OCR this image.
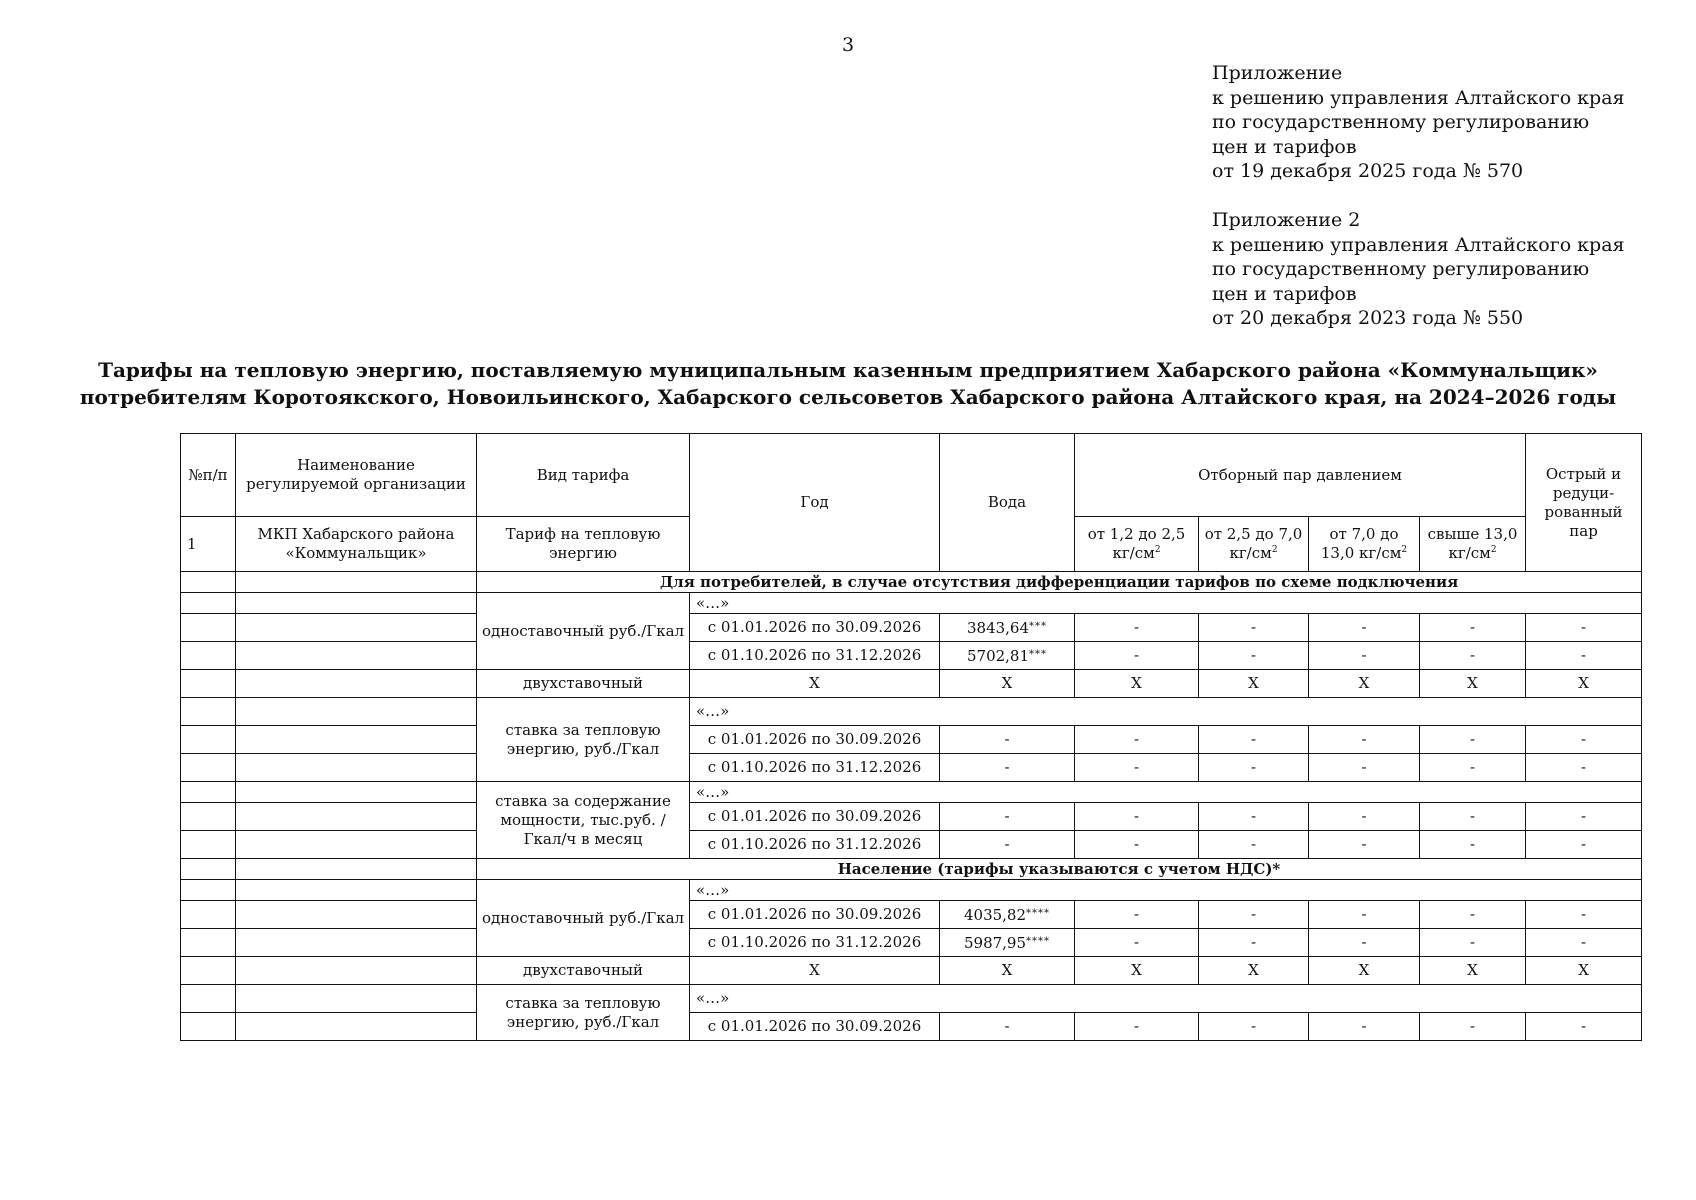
3
Приложение
к решению управления Алтайского края
по государственному регулированию
цен и тарифов
от 19 декабря 2025 года № 570
Приложение 2
к решению управления Алтайского края
по государственному регулированию
цен и тарифов
от 20 декабря 2023 года № 550
Тарифы на тепловую энергию, поставляемую муниципальным казенным предприятием Хабарского района «Коммунальщик»
потребителям Коротоякского, Новоильинского, Хабарского сельсоветов Хабарского района Алтайского края, на 2024–2026 годы
№п/п	Наименование регулируемой организации	Вид тарифа	Год	Вода	Отборный пар давлением				Острый и редуци-рованный пар
1	МКП Хабарского района «Коммунальщик»	Тариф на тепловую энергию			от 1,2 до 2,5 $кг/см^2$	от 2,5 до 7,0 $кг/см^2$	от 7,0 до 13,0 $кг/см^2$	свыше 13,0 $кг/см^2$
		Для потребителей, в случае отсутствия дифференциации тарифов по схеме подключения							
		одноставочный руб./Гкал	«…»						
			с 01.01.2026 по 30.09.2026	3843,64***	-	-	-	-	-
			с 01.10.2026 по 31.12.2026	5702,81***	-	-	-	-	-
		двухставочный	X	X	X	X	X	X	X
		ставка за тепловую энергию, руб./Гкал	«…»						
			с 01.01.2026 по 30.09.2026	-	-	-	-	-	-
			с 01.10.2026 по 31.12.2026	-	-	-	-	-	-
		ставка за содержание мощности, тыс.руб. /Гкал/ч в месяц	«…»						
			с 01.01.2026 по 30.09.2026	-	-	-	-	-	-
			с 01.10.2026 по 31.12.2026	-	-	-	-	-	-
		Население (тарифы указываются с учетом НДС)*							
		одноставочный руб./Гкал	«…»						
			с 01.01.2026 по 30.09.2026	4035,82****	-	-	-	-	-
			с 01.10.2026 по 31.12.2026	5987,95****	-	-	-	-	-
		двухставочный	X	X	X	X	X	X	X
		ставка за тепловую энергию, руб./Гкал	«…»						
			с 01.01.2026 по 30.09.2026	-	-	-	-	-	-
